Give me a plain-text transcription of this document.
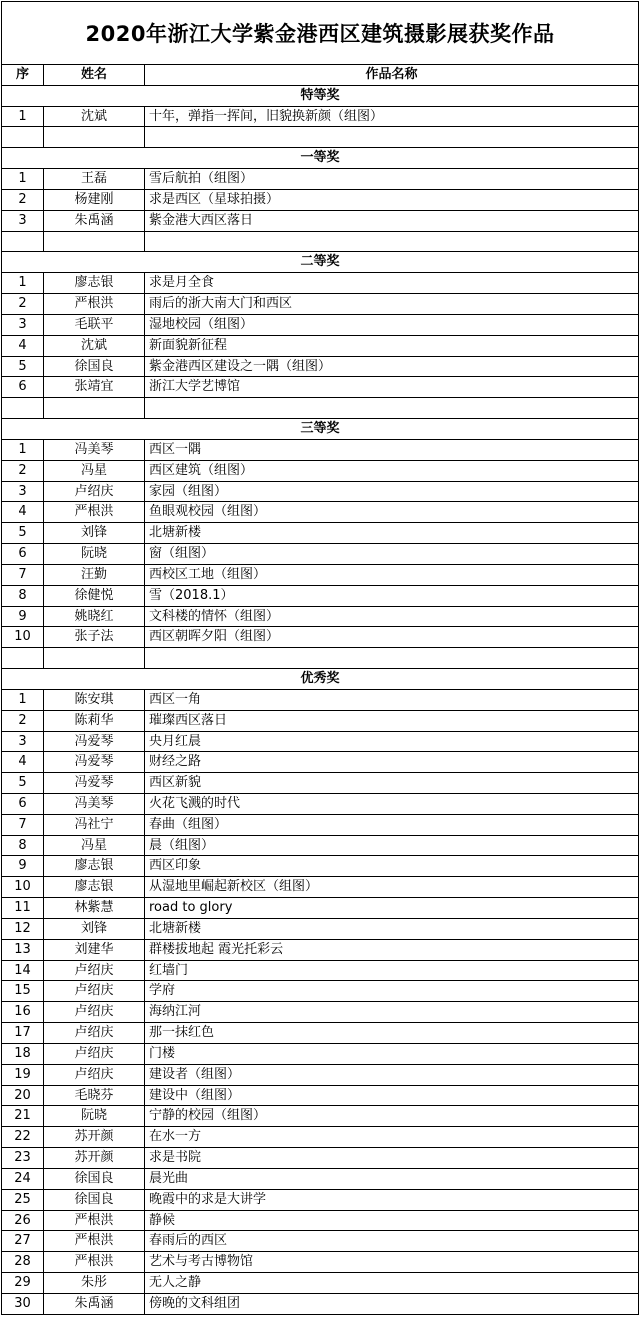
2020年浙江大学紫金港西区建筑摄影展获奖作品
序	姓名	作品名称
特等奖
1	沈斌	十年，弹指一挥间，旧貌换新颜（组图）
一等奖
1	王磊	雪后航拍（组图）
2	杨建刚	求是西区（星球拍摄）
3	朱禹涵	紫金港大西区落日
二等奖
1	廖志银	求是月全食
2	严根洪	雨后的浙大南大门和西区
3	毛联平	湿地校园（组图）
4	沈斌	新面貌新征程
5	徐国良	紫金港西区建设之一隅（组图）
6	张靖宜	浙江大学艺博馆
三等奖
1	冯美琴	西区一隅
2	冯星	西区建筑（组图）
3	卢绍庆	家园（组图）
4	严根洪	鱼眼观校园（组图）
5	刘锋	北塘新楼
6	阮晓	窗（组图）
7	汪勤	西校区工地（组图）
8	徐健悦	雪（2018.1）
9	姚晓红	文科楼的情怀（组图）
10	张子法	西区朝晖夕阳（组图）
优秀奖
1	陈安琪	西区一角
2	陈莉华	璀璨西区落日
3	冯爱琴	央月红晨
4	冯爱琴	财经之路
5	冯爱琴	西区新貌
6	冯美琴	火花飞溅的时代
7	冯社宁	春曲（组图）
8	冯星	晨（组图）
9	廖志银	西区印象
10	廖志银	从湿地里崛起新校区（组图）
11	林紫慧	road to glory
12	刘锋	北塘新楼
13	刘建华	群楼拔地起 霞光托彩云
14	卢绍庆	红墙门
15	卢绍庆	学府
16	卢绍庆	海纳江河
17	卢绍庆	那一抹红色
18	卢绍庆	门楼
19	卢绍庆	建设者（组图）
20	毛晓芬	建设中（组图）
21	阮晓	宁静的校园（组图）
22	苏开颜	在水一方
23	苏开颜	求是书院
24	徐国良	晨光曲
25	徐国良	晚霞中的求是大讲学
26	严根洪	静候
27	严根洪	春雨后的西区
28	严根洪	艺术与考古博物馆
29	朱彤	无人之静
30	朱禹涵	傍晚的文科组团
